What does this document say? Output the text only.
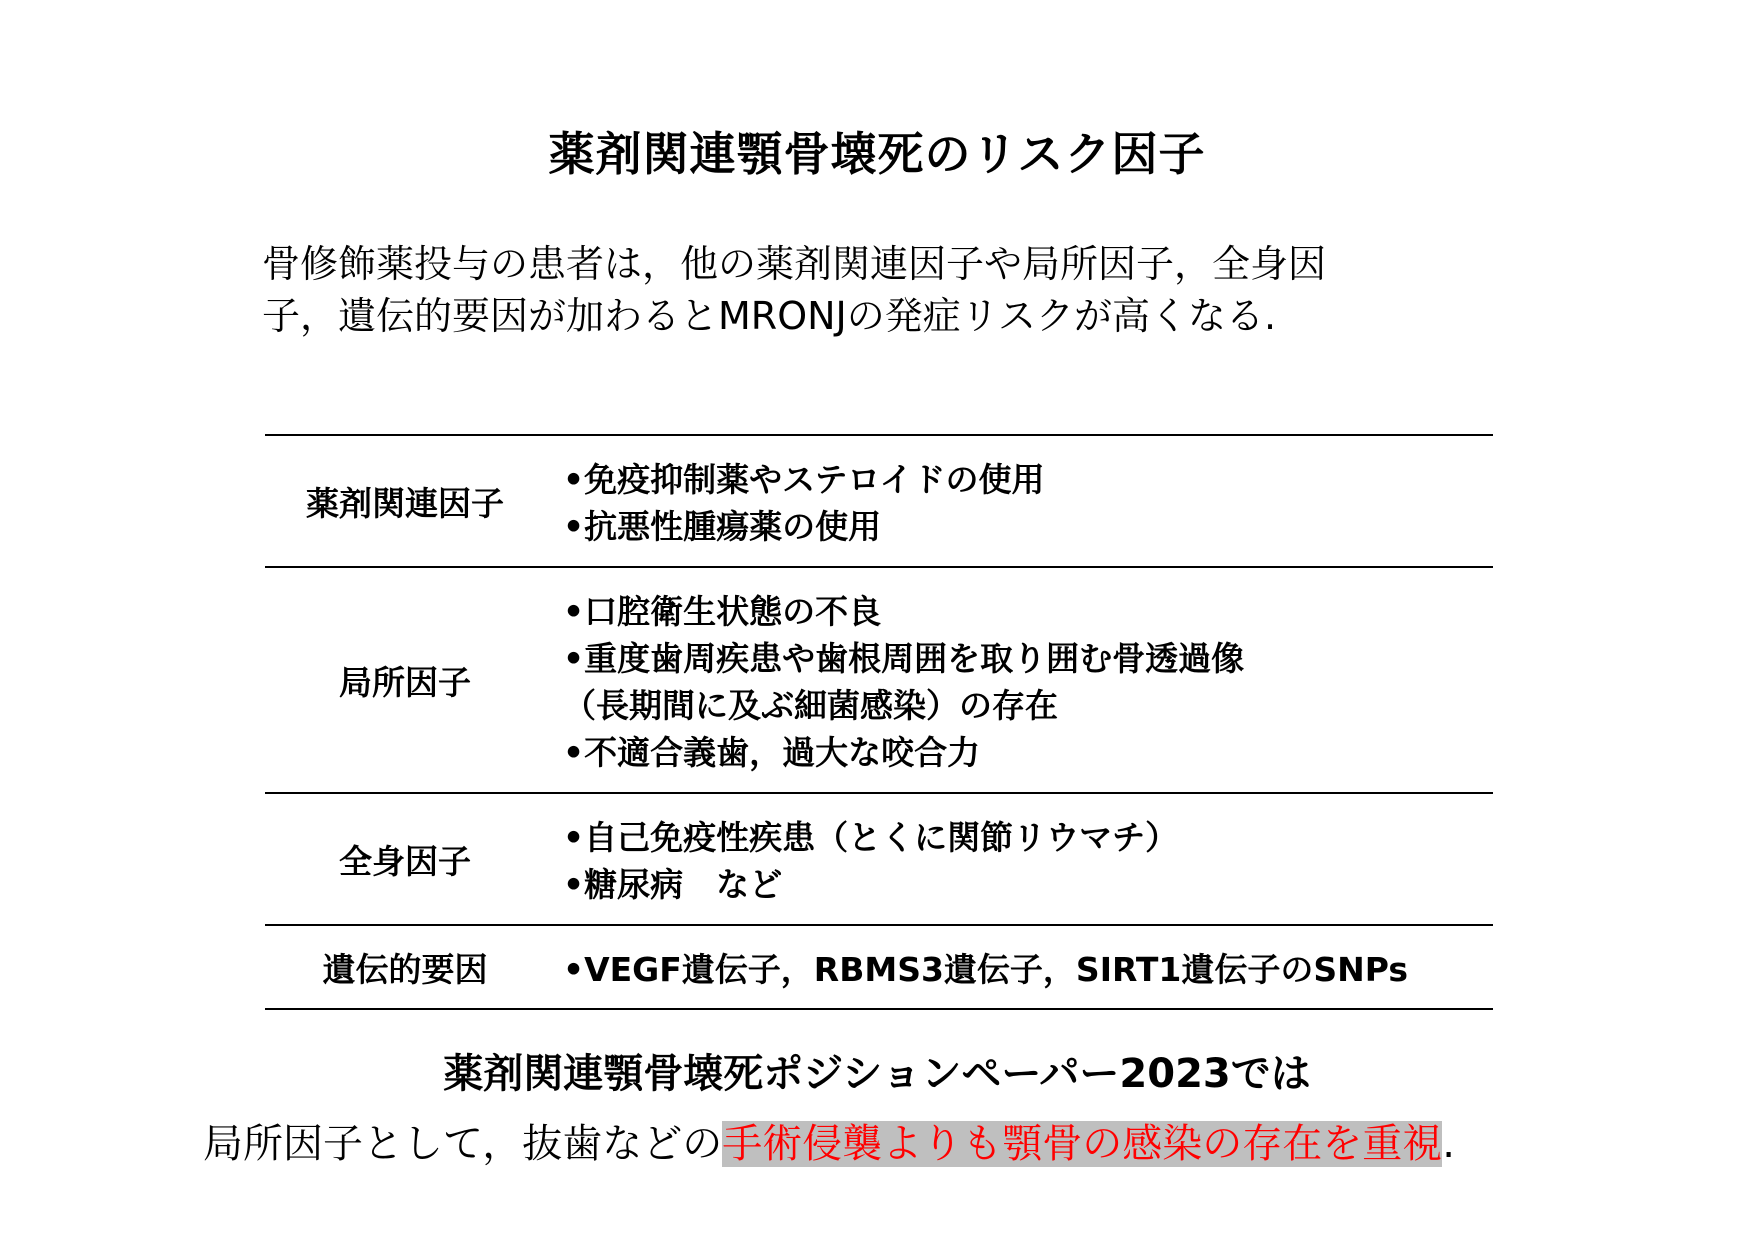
薬剤関連顎骨壊死のリスク因子

骨修飾薬投与の患者は，他の薬剤関連因子や局所因子，全身因

子，遺伝的要因が加わるとMRONJの発症リスクが高くなる.

薬剤関連因子	•免疫抑制薬やステロイドの使用
•抗悪性腫瘍薬の使用

局所因子	•口腔衛生状態の不良
•重度歯周疾患や歯根周囲を取り囲む骨透過像
（長期間に及ぶ細菌感染）の存在
•不適合義歯，過大な咬合力

全身因子	•自己免疫性疾患（とくに関節リウマチ）
•糖尿病　など

遺伝的要因	•VEGF遺伝子，RBMS3遺伝子，SIRT1遺伝子のSNPs
薬剤関連顎骨壊死ポジションペーパー2023では
局所因子として，抜歯などの手術侵襲よりも顎骨の感染の存在を重視.
